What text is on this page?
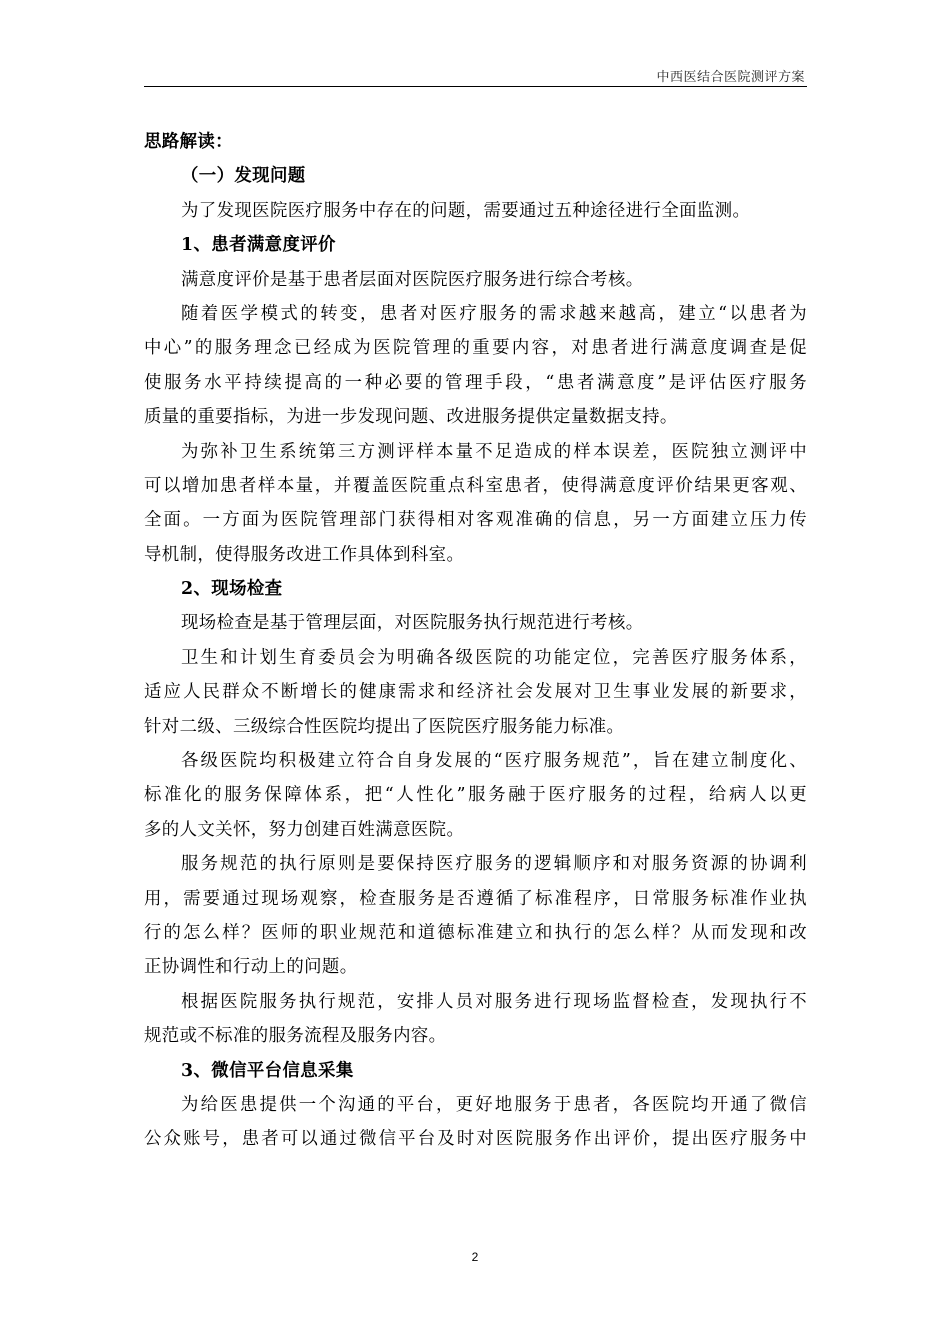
中西医结合医院测评方案
思路解读：
（一）发现问题
为了发现医院医疗服务中存在的问题，需要通过五种途径进行全面监测。
1、患者满意度评价
满意度评价是基于患者层面对医院医疗服务进行综合考核。
随着医学模式的转变，患者对医疗服务的需求越来越高，建立“以患者为
中心”的服务理念已经成为医院管理的重要内容，对患者进行满意度调查是促
使服务水平持续提高的一种必要的管理手段，“患者满意度”是评估医疗服务
质量的重要指标，为进一步发现问题、改进服务提供定量数据支持。
为弥补卫生系统第三方测评样本量不足造成的样本误差，医院独立测评中
可以增加患者样本量，并覆盖医院重点科室患者，使得满意度评价结果更客观、
全面。一方面为医院管理部门获得相对客观准确的信息，另一方面建立压力传
导机制，使得服务改进工作具体到科室。
2、现场检查
现场检查是基于管理层面，对医院服务执行规范进行考核。
卫生和计划生育委员会为明确各级医院的功能定位，完善医疗服务体系，
适应人民群众不断增长的健康需求和经济社会发展对卫生事业发展的新要求，
针对二级、三级综合性医院均提出了医院医疗服务能力标准。
各级医院均积极建立符合自身发展的“医疗服务规范”，旨在建立制度化、
标准化的服务保障体系，把“人性化”服务融于医疗服务的过程，给病人以更
多的人文关怀，努力创建百姓满意医院。
服务规范的执行原则是要保持医疗服务的逻辑顺序和对服务资源的协调利
用，需要通过现场观察，检查服务是否遵循了标准程序，日常服务标准作业执
行的怎么样？医师的职业规范和道德标准建立和执行的怎么样？从而发现和改
正协调性和行动上的问题。
根据医院服务执行规范，安排人员对服务进行现场监督检查，发现执行不
规范或不标准的服务流程及服务内容。
3、微信平台信息采集
为给医患提供一个沟通的平台，更好地服务于患者，各医院均开通了微信
公众账号，患者可以通过微信平台及时对医院服务作出评价，提出医疗服务中
2
